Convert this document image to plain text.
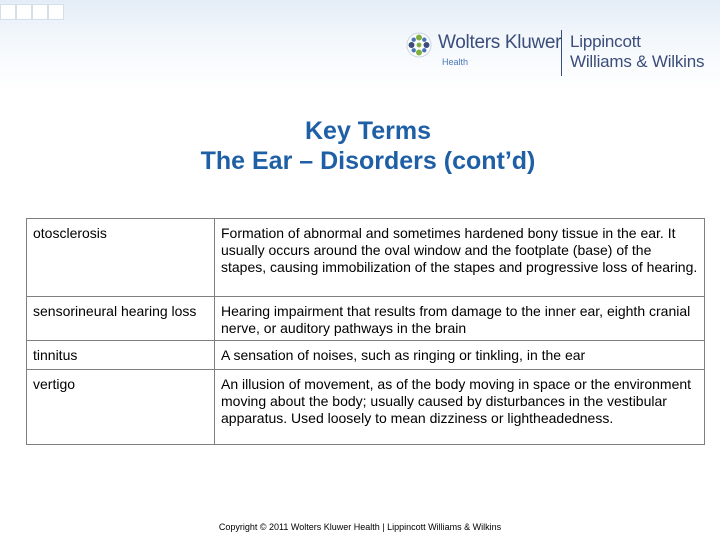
Wolters Kluwer
Health
Lippincott
Williams & Wilkins
Key Terms
The Ear – Disorders (cont’d)
otosclerosis	Formation of abnormal and sometimes hardened bony tissue in the ear. It usually occurs around the oval window and the footplate (base) of the stapes, causing immobilization of the stapes and progressive loss of hearing.
sensorineural hearing loss	Hearing impairment that results from damage to the inner ear, eighth cranial nerve, or auditory pathways in the brain
tinnitus	A sensation of noises, such as ringing or tinkling, in the ear
vertigo	An illusion of movement, as of the body moving in space or the environment moving about the body; usually caused by disturbances in the vestibular apparatus. Used loosely to mean dizziness or lightheadedness.
Copyright © 2011 Wolters Kluwer Health | Lippincott Williams & Wilkins
